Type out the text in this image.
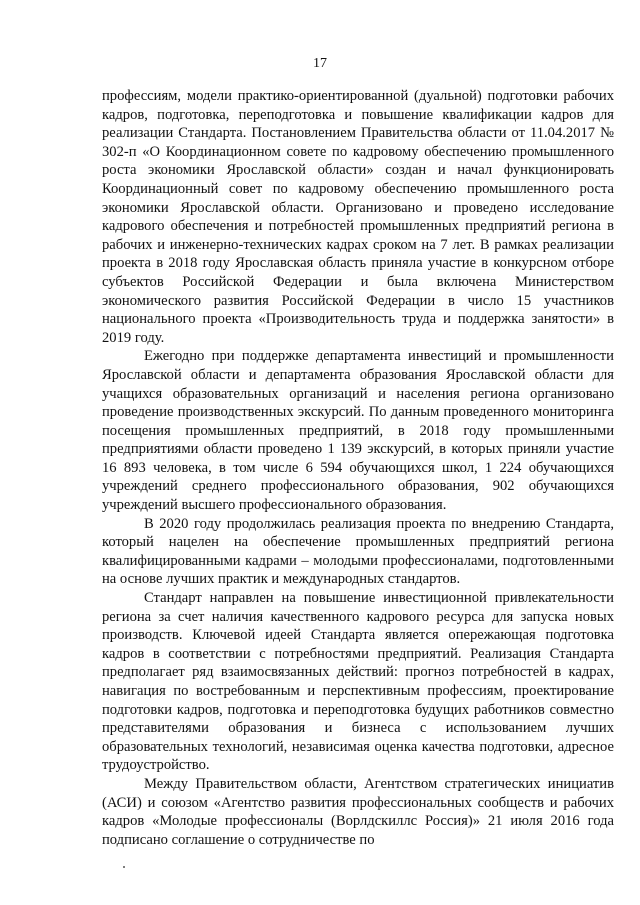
17

профессиям, модели практико-ориентированной (дуальной) подготовки рабочих кадров, подготовка, переподготовка и повышение квалификации кадров для реализации Стандарта. Постановлением Правительства области от 11.04.2017 № 302-п «О Координационном совете по кадровому обеспечению промышленного роста экономики Ярославской области» создан и начал функционировать Координационный совет по кадровому обеспечению промышленного роста экономики Ярославской области. Организовано и проведено исследование кадрового обеспечения и потребностей промышленных предприятий региона в рабочих и инженерно-технических кадрах сроком на 7 лет. В рамках реализации проекта в 2018 году Ярославская область приняла участие в конкурсном отборе субъектов Российской Федерации и была включена Министерством экономического развития Российской Федерации в число 15 участников национального проекта «Производительность труда и поддержка занятости» в 2019 году.

Ежегодно при поддержке департамента инвестиций и промышленности Ярославской области и департамента образования Ярославской области для учащихся образовательных организаций и населения региона организовано проведение производственных экскурсий. По данным проведенного мониторинга посещения промышленных предприятий, в 2018 году промышленными предприятиями области проведено 1 139 экскурсий, в которых приняли участие 16 893 человека, в том числе 6 594 обучающихся школ, 1 224 обучающихся учреждений среднего профессионального образования, 902 обучающихся учреждений высшего профессионального образования.

В 2020 году продолжилась реализация проекта по внедрению Стандарта, который нацелен на обеспечение промышленных предприятий региона квалифицированными кадрами – молодыми профессионалами, подготовленными на основе лучших практик и международных стандартов.

Стандарт направлен на повышение инвестиционной привлекательности региона за счет наличия качественного кадрового ресурса для запуска новых производств. Ключевой идеей Стандарта является опережающая подготовка кадров в соответствии с потребностями предприятий. Реализация Стандарта предполагает ряд взаимосвязанных действий: прогноз потребностей в кадрах, навигация по востребованным и перспективным профессиям, проектирование подготовки кадров, подготовка и переподготовка будущих работников совместно представителями образования и бизнеса с использованием лучших образовательных технологий, независимая оценка качества подготовки, адресное трудоустройство.

Между Правительством области, Агентством стратегических инициатив (АСИ) и союзом «Агентство развития профессиональных сообществ и рабочих кадров «Молодые профессионалы (Ворлдскиллс Россия)» 21 июля 2016 года подписано соглашение о сотрудничестве по
